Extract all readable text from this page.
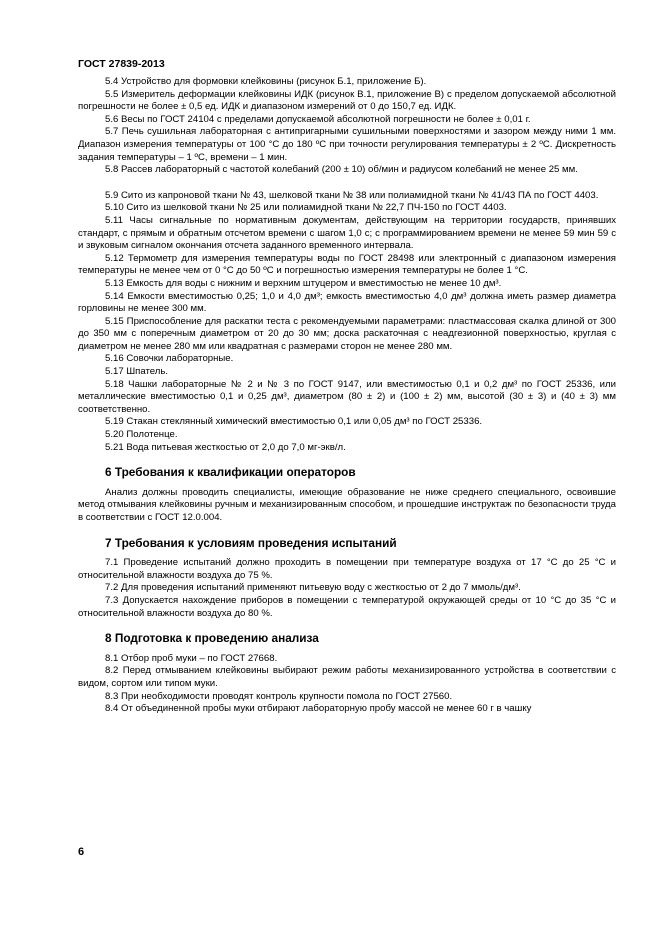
ГОСТ 27839-2013

5.4 Устройство для формовки клейковины (рисунок Б.1, приложение Б).

5.5 Измеритель деформации клейковины ИДК (рисунок В.1, приложение В) с пределом допускаемой абсолютной погрешности не более ± 0,5 ед. ИДК и диапазоном измерений от 0 до 150,7 ед. ИДК.

5.6 Весы по ГОСТ 24104 с пределами допускаемой абсолютной погрешности не более ± 0,01 г.

5.7 Печь сушильная лабораторная с антипригарными сушильными поверхностями и зазором между ними 1 мм. Диапазон измерения температуры от 100 °С до 180 ºС при точности регулирования температуры ± 2 ºС. Дискретность задания температуры – 1 ºС, времени – 1 мин.

5.8 Рассев лабораторный с частотой колебаний (200 ± 10) об/мин и радиусом колебаний не менее 25 мм.

5.9 Сито из капроновой ткани № 43, шелковой ткани № 38 или полиамидной ткани № 41/43 ПА по ГОСТ 4403.

5.10 Сито из шелковой ткани № 25 или полиамидной ткани № 22,7 ПЧ-150 по ГОСТ 4403.

5.11 Часы сигнальные по нормативным документам, действующим на территории государств, принявших стандарт, с прямым и обратным отсчетом времени с шагом 1,0 с; с программированием времени не менее 59 мин 59 с и звуковым сигналом окончания отсчета заданного временного интервала.

5.12 Термометр для измерения температуры воды по ГОСТ 28498 или электронный с диапазоном измерения температуры не менее чем от 0 °С до 50 ºС и погрешностью измерения температуры не более 1 °С.

5.13 Емкость для воды с нижним и верхним штуцером и вместимостью не менее 10 дм³.

5.14 Емкости вместимостью 0,25; 1,0 и 4,0 дм³; емкость вместимостью 4,0 дм³ должна иметь размер диаметра горловины не менее 300 мм.

5.15 Приспособление для раскатки теста с рекомендуемыми параметрами: пластмассовая скалка длиной от 300 до 350 мм с поперечным диаметром от 20 до 30 мм; доска раскаточная с неадгезионной поверхностью, круглая с диаметром не менее 280 мм или квадратная с размерами сторон не менее 280 мм.

5.16 Совочки лабораторные.

5.17 Шпатель.

5.18 Чашки лабораторные № 2 и № 3 по ГОСТ 9147, или вместимостью 0,1 и 0,2 дм³ по ГОСТ 25336, или металлические вместимостью 0,1 и 0,25 дм³, диаметром (80 ± 2) и (100 ± 2) мм, высотой (30 ± 3) и (40 ± 3) мм соответственно.

5.19 Стакан стеклянный химический вместимостью 0,1 или 0,05 дм³ по ГОСТ 25336.

5.20 Полотенце.

5.21 Вода питьевая жесткостью от 2,0 до 7,0 мг-экв/л.

6 Требования к квалификации операторов

Анализ должны проводить специалисты, имеющие образование не ниже среднего специального, освоившие метод отмывания клейковины ручным и механизированным способом, и прошедшие инструктаж по безопасности труда в соответствии с ГОСТ 12.0.004.

7 Требования к условиям проведения испытаний

7.1 Проведение испытаний должно проходить в помещении при температуре воздуха от 17 °С до 25 °С и относительной влажности воздуха до 75 %.

7.2 Для проведения испытаний применяют питьевую воду с жесткостью от 2 до 7 ммоль/дм³.

7.3 Допускается нахождение приборов в помещении с температурой окружающей среды от 10 °С до 35 °С и относительной влажности воздуха до 80 %.

8 Подготовка к проведению анализа

8.1 Отбор проб муки – по ГОСТ 27668.

8.2 Перед отмыванием клейковины выбирают режим работы механизированного устройства в соответствии с видом, сортом или типом муки.

8.3 При необходимости проводят контроль крупности помола по ГОСТ 27560.

8.4 От объединенной пробы муки отбирают лабораторную пробу массой не менее 60 г в чашку

6
